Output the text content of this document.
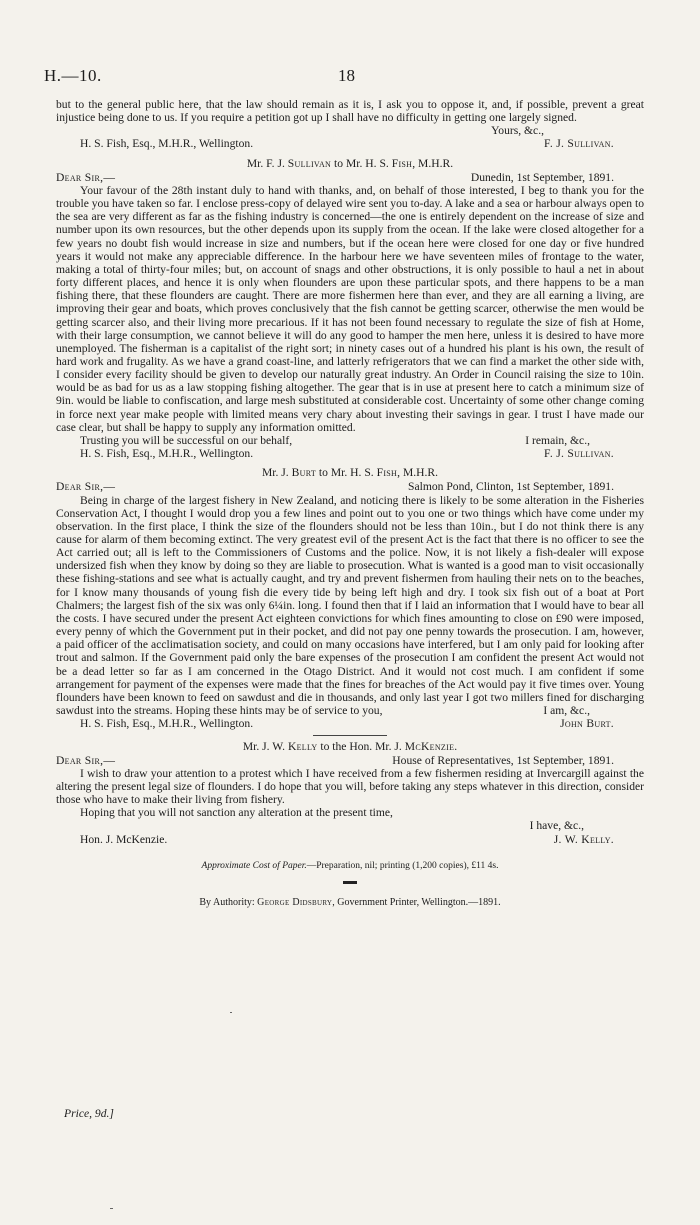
H.—10.	18

but to the general public here, that the law should remain as it is, I ask you to oppose it, and, if possible, prevent a great injustice being done to us. If you require a petition got up I shall have no difficulty in getting one largely signed.

Yours, &c.,
H. S. Fish, Esq., M.H.R., Wellington.	F. J. Sullivan.
Mr. F. J. Sullivan to Mr. H. S. Fish, M.H.R.
Dear Sir,—	Dunedin, 1st September, 1891.

Your favour of the 28th instant duly to hand with thanks, and, on behalf of those interested, I beg to thank you for the trouble you have taken so far. I enclose press-copy of delayed wire sent you to-day. A lake and a sea or harbour always open to the sea are very different as far as the fishing industry is concerned—the one is entirely dependent on the increase of size and number upon its own resources, but the other depends upon its supply from the ocean. If the lake were closed altogether for a few years no doubt fish would increase in size and numbers, but if the ocean here were closed for one day or five hundred years it would not make any appreciable difference. In the harbour here we have seventeen miles of frontage to the water, making a total of thirty-four miles; but, on account of snags and other obstructions, it is only possible to haul a net in about forty different places, and hence it is only when flounders are upon these particular spots, and there happens to be a man fishing there, that these flounders are caught. There are more fishermen here than ever, and they are all earning a living, are improving their gear and boats, which proves conclusively that the fish cannot be getting scarcer, otherwise the men would be getting scarcer also, and their living more precarious. If it has not been found necessary to regulate the size of fish at Home, with their large consumption, we cannot believe it will do any good to hamper the men here, unless it is desired to have more unemployed. The fisherman is a capitalist of the right sort; in ninety cases out of a hundred his plant is his own, the result of hard work and frugality. As we have a grand coast-line, and latterly refrigerators that we can find a market the other side with, I consider every facility should be given to develop our naturally great industry. An Order in Council raising the size to 10in. would be as bad for us as a law stopping fishing altogether. The gear that is in use at present here to catch a minimum size of 9in. would be liable to confiscation, and large mesh substituted at considerable cost. Uncertainty of some other change coming in force next year make people with limited means very chary about investing their savings in gear. I trust I have made our case clear, but shall be happy to supply any information omitted.

Trusting you will be successful on our behalf,	I remain, &c.,
H. S. Fish, Esq., M.H.R., Wellington.	F. J. Sullivan.
Mr. J. Burt to Mr. H. S. Fish, M.H.R.
Dear Sir,—	Salmon Pond, Clinton, 1st September, 1891.

Being in charge of the largest fishery in New Zealand, and noticing there is likely to be some alteration in the Fisheries Conservation Act, I thought I would drop you a few lines and point out to you one or two things which have come under my observation. In the first place, I think the size of the flounders should not be less than 10in., but I do not think there is any cause for alarm of them becoming extinct. The very greatest evil of the present Act is the fact that there is no officer to see the Act carried out; all is left to the Commissioners of Customs and the police. Now, it is not likely a fish-dealer will expose undersized fish when they know by doing so they are liable to prosecution. What is wanted is a good man to visit occasionally these fishing-stations and see what is actually caught, and try and prevent fishermen from hauling their nets on to the beaches, for I know many thousands of young fish die every tide by being left high and dry. I took six fish out of a boat at Port Chalmers; the largest fish of the six was only 6¼in. long. I found then that if I laid an information that I would have to bear all the costs. I have secured under the present Act eighteen convictions for which fines amounting to close on £90 were imposed, every penny of which the Government put in their pocket, and did not pay one penny towards the prosecution. I am, however, a paid officer of the acclimatisation society, and could on many occasions have interfered, but I am only paid for looking after trout and salmon. If the Government paid only the bare expenses of the prosecution I am confident the present Act would not be a dead letter so far as I am concerned in the Otago District. And it would not cost much. I am confident if some arrangement for payment of the expenses were made that the fines for breaches of the Act would pay it five times over. Young flounders have been known to feed on sawdust and die in thousands, and only last year I got two millers fined for discharging sawdust into the streams. Hoping these hints may be of service to you,	I am, &c.,
H. S. Fish, Esq., M.H.R., Wellington.	John Burt.
Mr. J. W. Kelly to the Hon. Mr. J. McKenzie.
Dear Sir,—	House of Representatives, 1st September, 1891.

I wish to draw your attention to a protest which I have received from a few fishermen residing at Invercargill against the altering the present legal size of flounders. I do hope that you will, before taking any steps whatever in this direction, consider those who have to make their living from fishery.

Hoping that you will not sanction any alteration at the present time,

I have, &c.,
Hon. J. McKenzie.	J. W. Kelly.
Approximate Cost of Paper.—Preparation, nil; printing (1,200 copies), £11 4s.
By Authority: George Didsbury, Government Printer, Wellington.—1891.
Price, 9d.]
